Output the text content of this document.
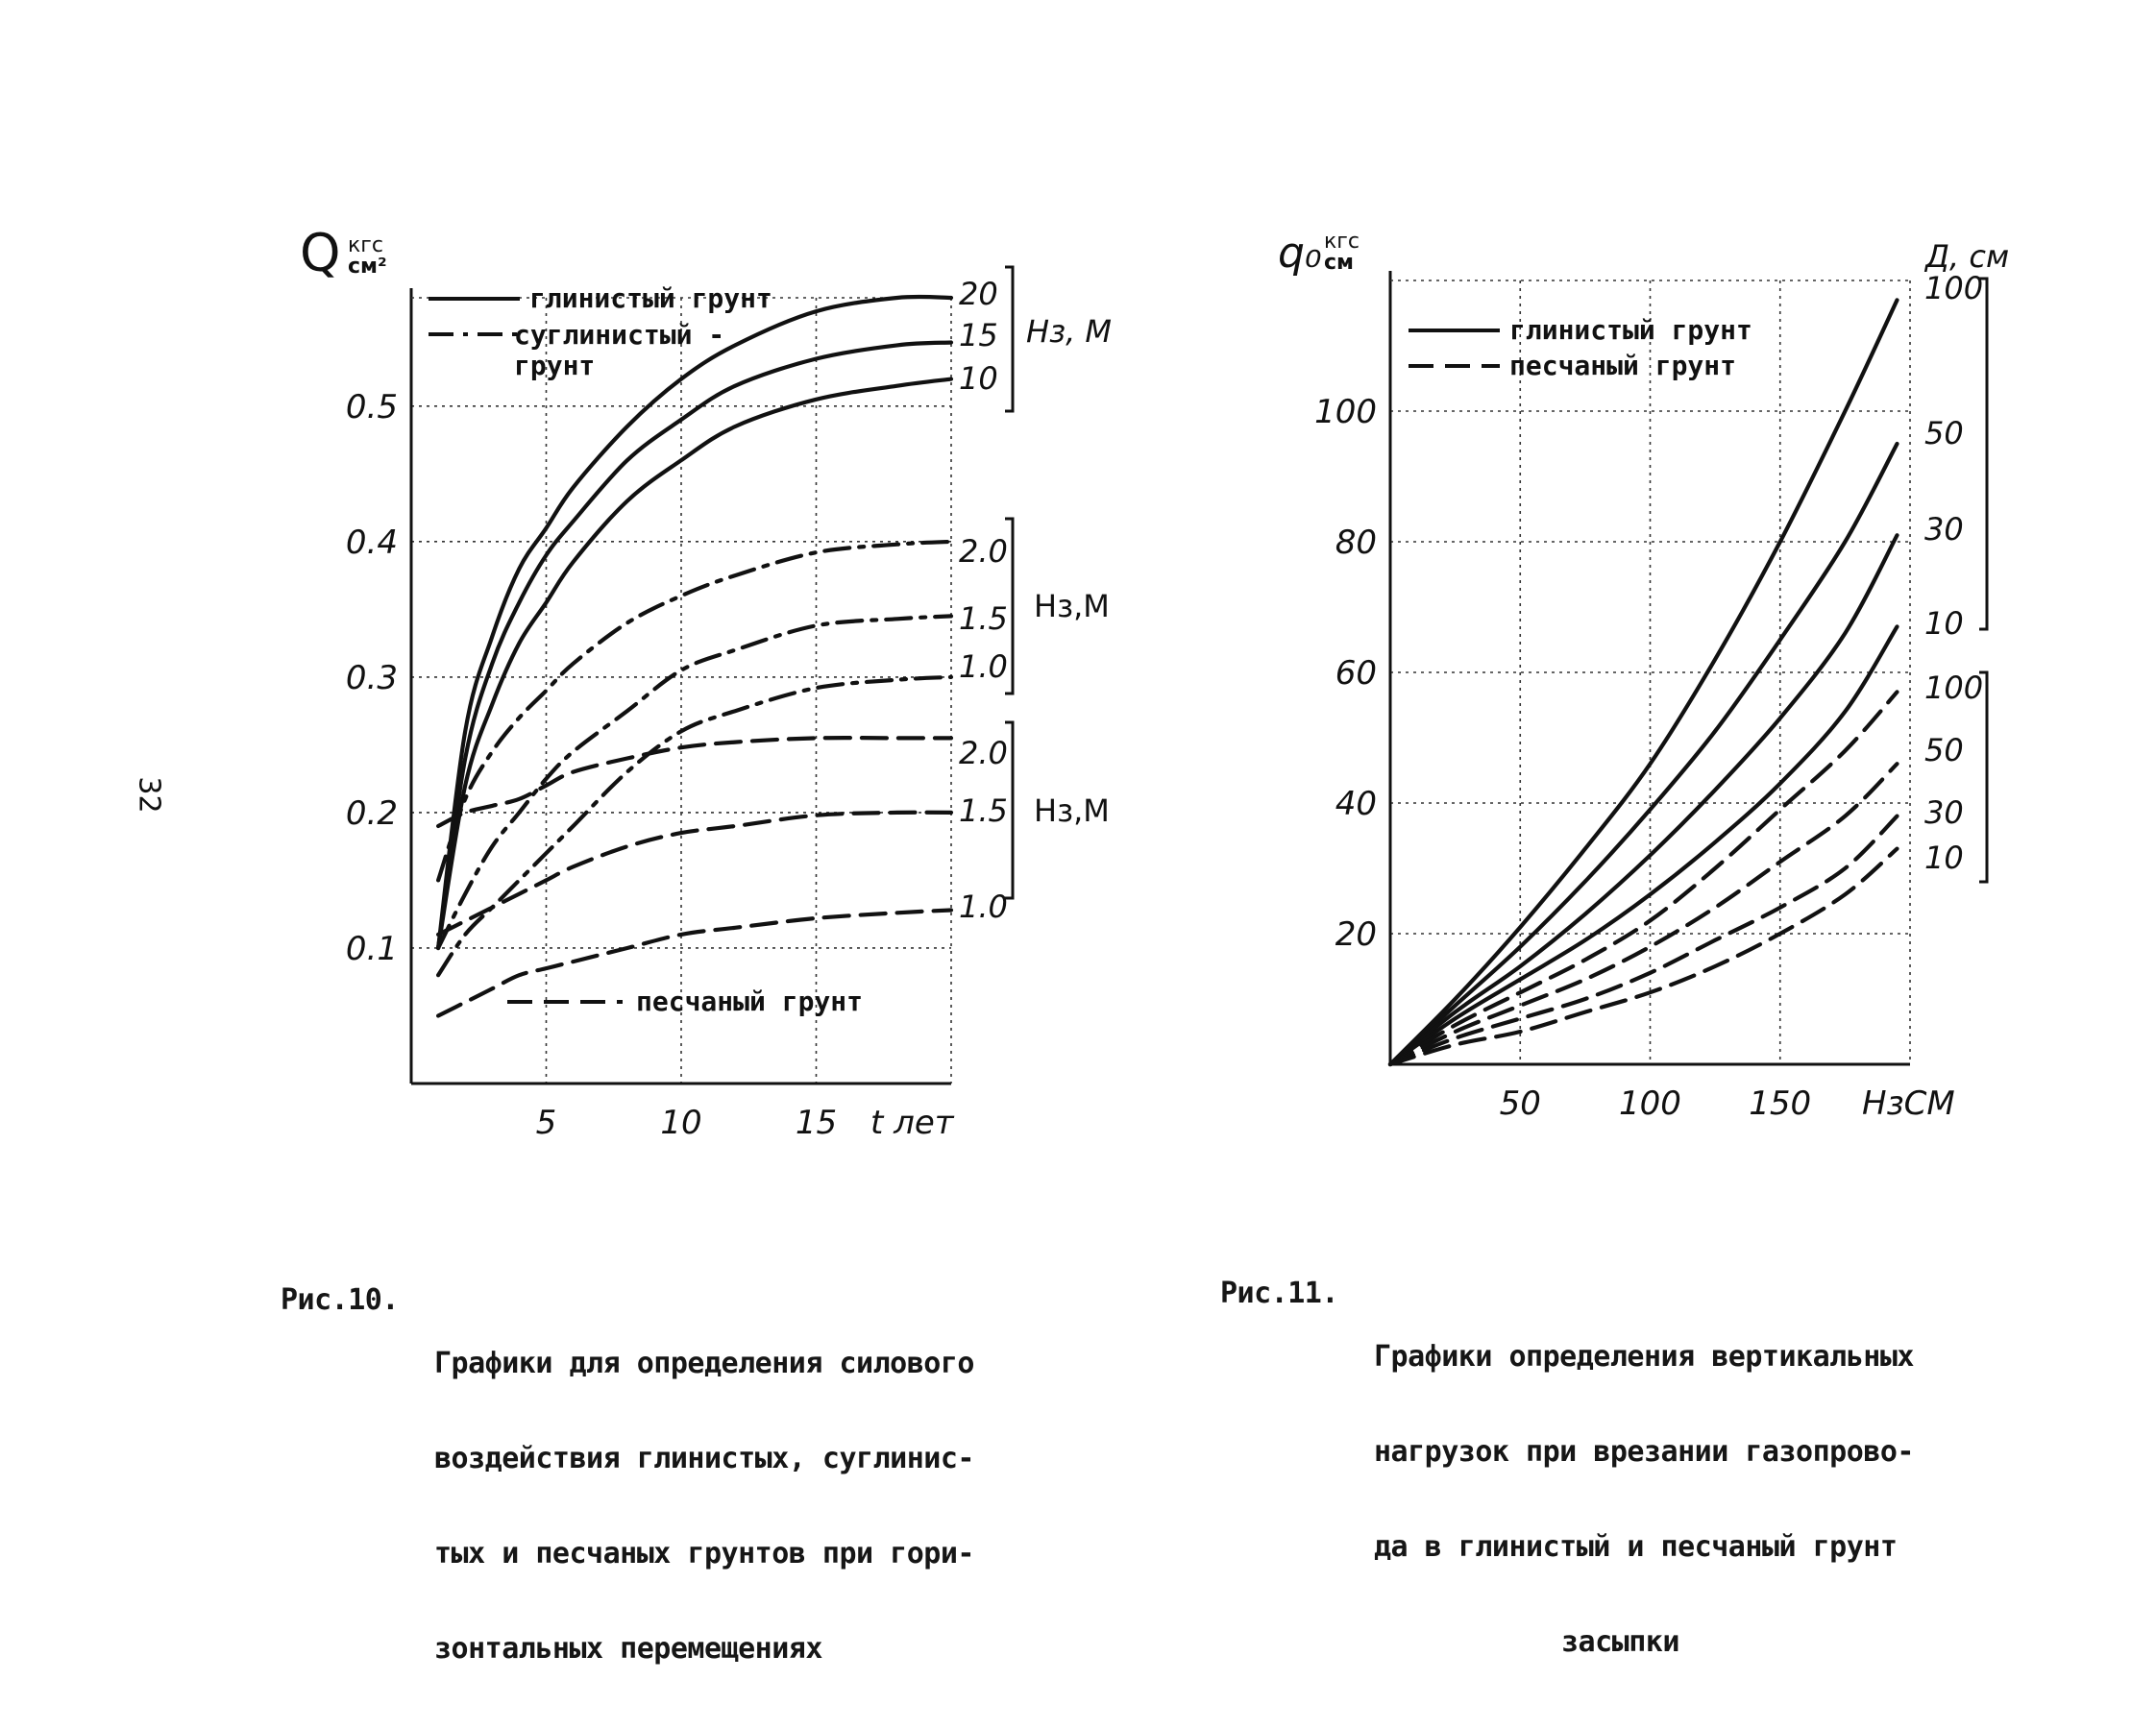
32
0.1
0.2
0.3
0.4
0.5
5	10	15
Q кгс
см²
t лет
20
15
10
2.0
1.5
1.0
2.0
1.5
1.0
глинистый грунт
суглинистый -
грунт
песчаный грунт
Hз, М
Hз,М
Hз,М
20
40
60
80
100
50 100 150
q₀ кгс
см
HзСМ
100
50
30
10
100
50
30
10
глинистый грунт
песчаный грунт
Д, см

Рис.10.

Графики для определения силового

воздействия глинистых, суглинис-

тых и песчаных грунтов при гори-

зонтальных перемещениях

Рис.11.

Графики определения вертикальных

нагрузок при врезании газопрово-

да в глинистый и песчаный грунт

засыпки
